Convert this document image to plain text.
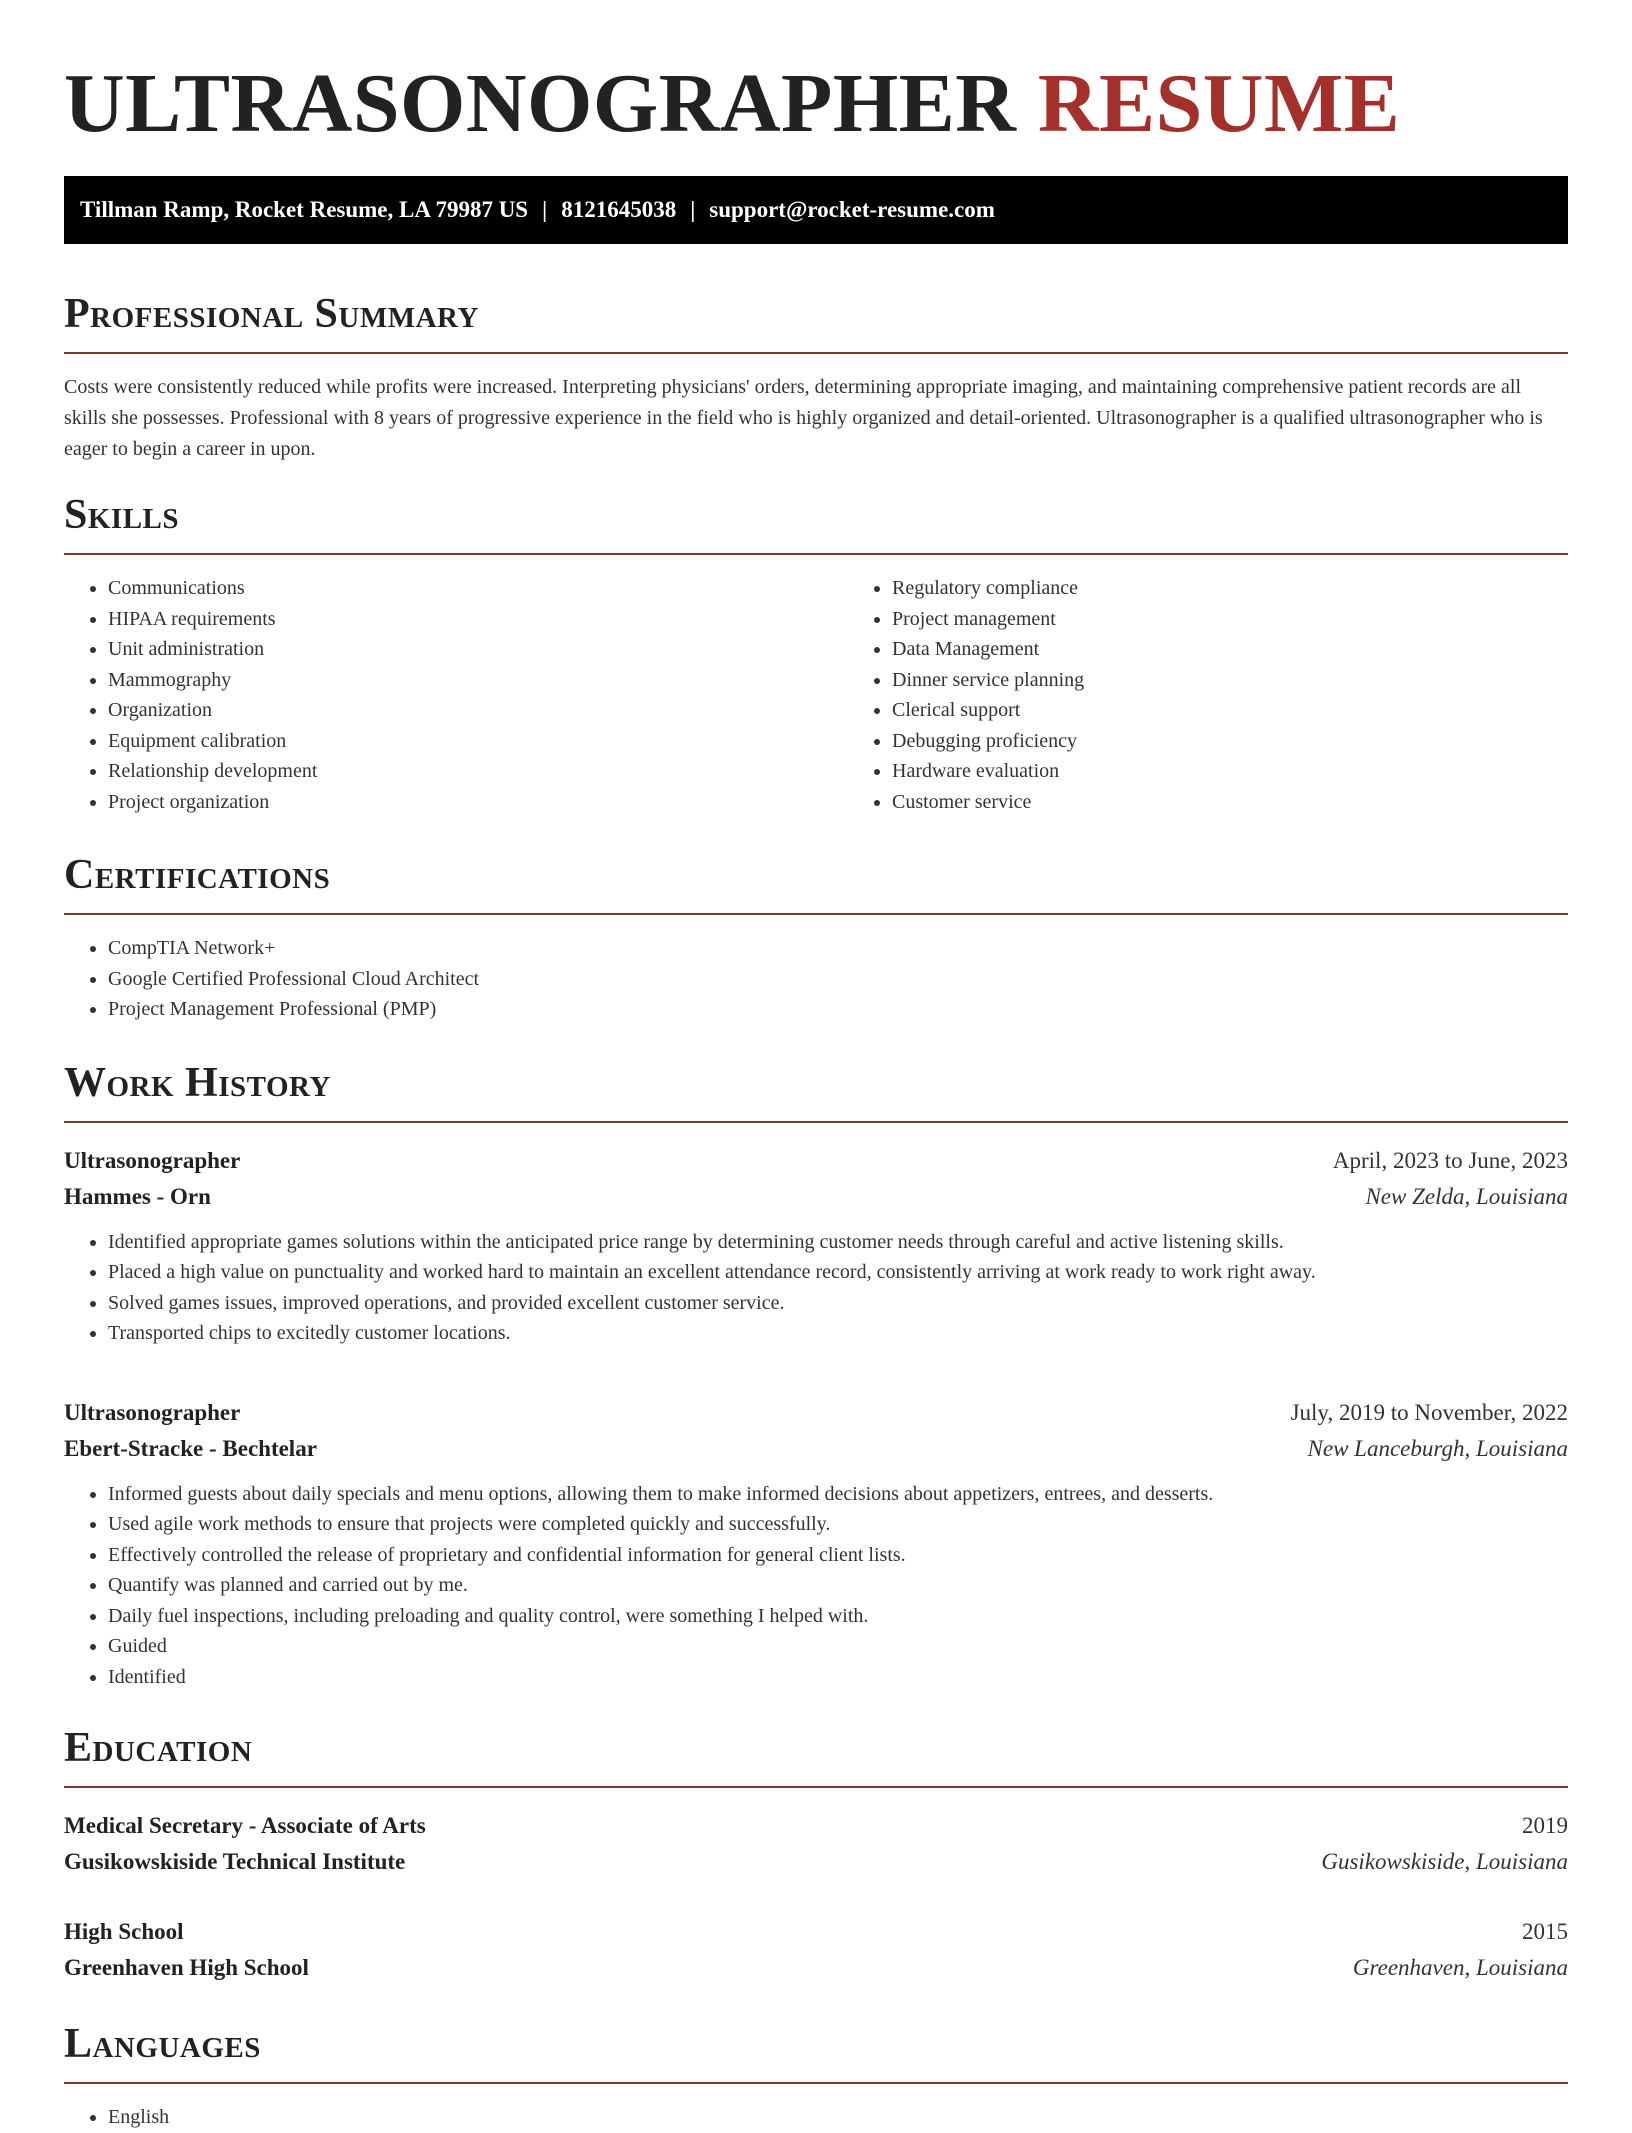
ULTRASONOGRAPHER RESUME
Tillman Ramp, Rocket Resume, LA 79987 US | 8121645038 | support@rocket-resume.com
Professional Summary

Costs were consistently reduced while profits were increased. Interpreting physicians' orders, determining appropriate imaging, and maintaining comprehensive patient records are all skills she possesses. Professional with 8 years of progressive experience in the field who is highly organized and detail-oriented. Ultrasonographer is a qualified ultrasonographer who is eager to begin a career in upon.

Skills
• Communications
• HIPAA requirements
• Unit administration
• Mammography
• Organization
• Equipment calibration
• Relationship development
• Project organization
• Regulatory compliance
• Project management
• Data Management
• Dinner service planning
• Clerical support
• Debugging proficiency
• Hardware evaluation
• Customer service
Certifications
• CompTIA Network+
• Google Certified Professional Cloud Architect
• Project Management Professional (PMP)
Work History
Ultrasonographer	April, 2023 to June, 2023
Hammes - Orn	New Zelda, Louisiana
• Identified appropriate games solutions within the anticipated price range by determining customer needs through careful and active listening skills.
• Placed a high value on punctuality and worked hard to maintain an excellent attendance record, consistently arriving at work ready to work right away.
• Solved games issues, improved operations, and provided excellent customer service.
• Transported chips to excitedly customer locations.
Ultrasonographer	July, 2019 to November, 2022
Ebert-Stracke - Bechtelar	New Lanceburgh, Louisiana
• Informed guests about daily specials and menu options, allowing them to make informed decisions about appetizers, entrees, and desserts.
• Used agile work methods to ensure that projects were completed quickly and successfully.
• Effectively controlled the release of proprietary and confidential information for general client lists.
• Quantify was planned and carried out by me.
• Daily fuel inspections, including preloading and quality control, were something I helped with.
• Guided
• Identified
Education
Medical Secretary - Associate of Arts	2019
Gusikowskiside Technical Institute	Gusikowskiside, Louisiana
High School	2015
Greenhaven High School	Greenhaven, Louisiana
Languages
• English
